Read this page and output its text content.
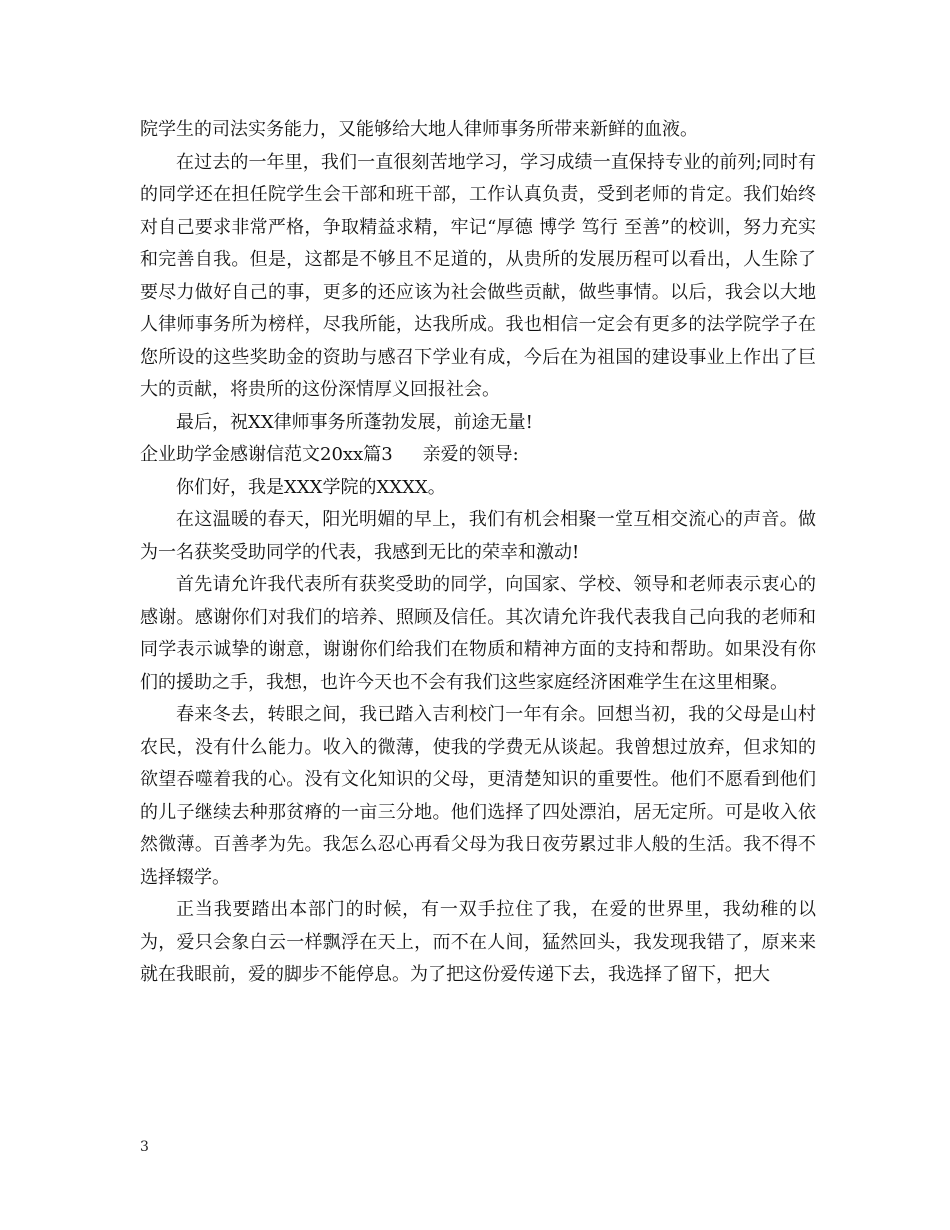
院学生的司法实务能力，又能够给大地人律师事务所带来新鲜的血液。

在过去的一年里，我们一直很刻苦地学习，学习成绩一直保持专业的前列;同时有的同学还在担任院学生会干部和班干部，工作认真负责，受到老师的肯定。我们始终对自己要求非常严格，争取精益求精，牢记“厚德 博学 笃行 至善”的校训，努力充实和完善自我。但是，这都是不够且不足道的，从贵所的发展历程可以看出，人生除了要尽力做好自己的事，更多的还应该为社会做些贡献，做些事情。以后，我会以大地人律师事务所为榜样，尽我所能，达我所成。我也相信一定会有更多的法学院学子在您所设的这些奖助金的资助与感召下学业有成，今后在为祖国的建设事业上作出了巨大的贡献，将贵所的这份深情厚义回报社会。

最后，祝XX律师事务所蓬勃发展，前途无量!

企业助学金感谢信范文20xx篇3 亲爱的领导:

你们好，我是XXX学院的XXXX。

在这温暖的春天，阳光明媚的早上，我们有机会相聚一堂互相交流心的声音。做为一名获奖受助同学的代表，我感到无比的荣幸和激动!

首先请允许我代表所有获奖受助的同学，向国家、学校、领导和老师表示衷心的感谢。感谢你们对我们的培养、照顾及信任。其次请允许我代表我自己向我的老师和同学表示诚挚的谢意，谢谢你们给我们在物质和精神方面的支持和帮助。如果没有你们的援助之手，我想，也许今天也不会有我们这些家庭经济困难学生在这里相聚。

春来冬去，转眼之间，我已踏入吉利校门一年有余。回想当初，我的父母是山村农民，没有什么能力。收入的微薄，使我的学费无从谈起。我曾想过放弃，但求知的欲望吞噬着我的心。没有文化知识的父母，更清楚知识的重要性。他们不愿看到他们的儿子继续去种那贫瘠的一亩三分地。他们选择了四处漂泊，居无定所。可是收入依然微薄。百善孝为先。我怎么忍心再看父母为我日夜劳累过非人般的生活。我不得不选择辍学。

正当我要踏出本部门的时候，有一双手拉住了我，在爱的世界里，我幼稚的以为，爱只会象白云一样飘浮在天上，而不在人间，猛然回头，我发现我错了，原来来就在我眼前，爱的脚步不能停息。为了把这份爱传递下去，我选择了留下，把大

3
